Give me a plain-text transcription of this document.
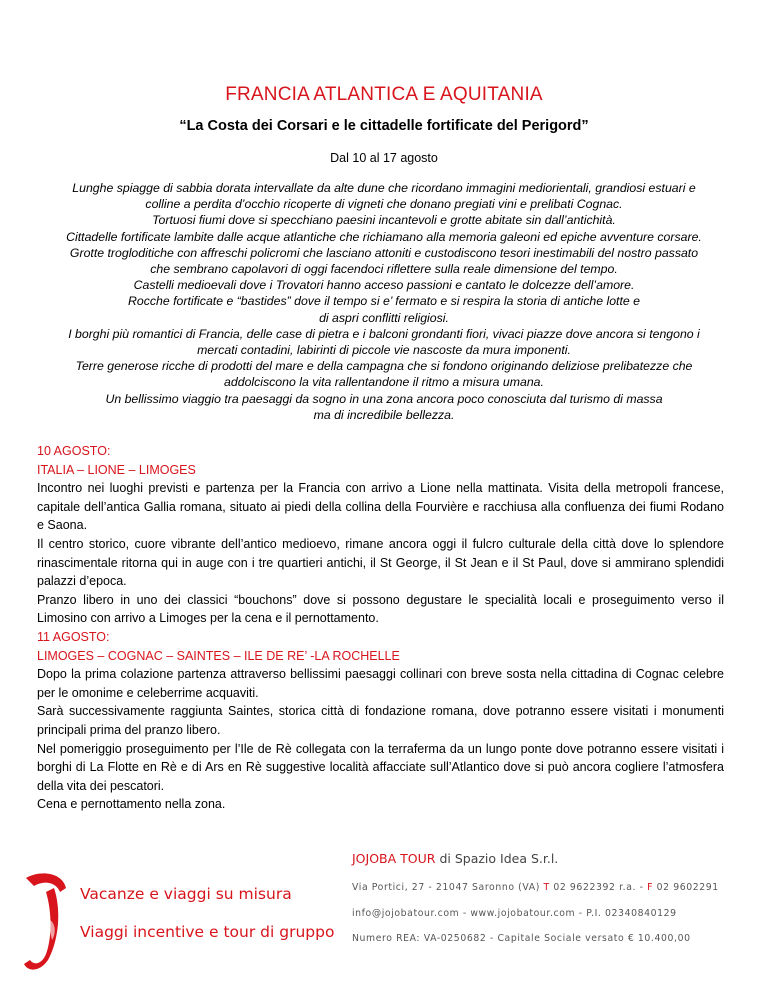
FRANCIA ATLANTICA E AQUITANIA
“La Costa dei Corsari e le cittadelle fortificate del Perigord”
Dal 10 al 17 agosto
Lunghe spiagge di sabbia dorata intervallate da alte dune che ricordano immagini mediorientali, grandiosi estuari e
colline a perdita d’occhio ricoperte di vigneti che donano pregiati vini e prelibati Cognac.
Tortuosi fiumi dove si specchiano paesini incantevoli e grotte abitate sin dall’antichità.
Cittadelle fortificate lambite dalle acque atlantiche che richiamano alla memoria galeoni ed epiche avventure corsare.
Grotte trogloditiche con affreschi policromi che lasciano attoniti e custodiscono tesori inestimabili del nostro passato
che sembrano capolavori di oggi facendoci riflettere sulla reale dimensione del tempo.
Castelli medioevali dove i Trovatori hanno acceso passioni e cantato le dolcezze dell’amore.
Rocche fortificate e “bastides” dove il tempo si e’ fermato e si respira la storia di antiche lotte e
di aspri conflitti religiosi.
I borghi più romantici di Francia, delle case di pietra e i balconi grondanti fiori, vivaci piazze dove ancora si tengono i
mercati contadini, labirinti di piccole vie nascoste da mura imponenti.
Terre generose ricche di prodotti del mare e della campagna che si fondono originando deliziose prelibatezze che
addolciscono la vita rallentandone il ritmo a misura umana.
Un bellissimo viaggio tra paesaggi da sogno in una zona ancora poco conosciuta dal turismo di massa
ma di incredibile bellezza.
10 AGOSTO:
ITALIA – LIONE – LIMOGES

Incontro nei luoghi previsti e partenza per la Francia con arrivo a Lione nella mattinata. Visita della metropoli francese, capitale dell’antica Gallia romana, situato ai piedi della collina della Fourvière e racchiusa alla confluenza dei fiumi Rodano e Saona.

Il centro storico, cuore vibrante dell’antico medioevo, rimane ancora oggi il fulcro culturale della città dove lo splendore rinascimentale ritorna qui in auge con i tre quartieri antichi, il St George, il St Jean e il St Paul, dove si ammirano splendidi palazzi d’epoca.

Pranzo libero in uno dei classici “bouchons” dove si possono degustare le specialità locali e proseguimento verso il Limosino con arrivo a Limoges per la cena e il pernottamento.

11 AGOSTO:
LIMOGES – COGNAC – SAINTES – ILE DE RE’ -LA ROCHELLE

Dopo la prima colazione partenza attraverso bellissimi paesaggi collinari con breve sosta nella cittadina di Cognac celebre per le omonime e celeberrime acquaviti.

Sarà successivamente raggiunta Saintes, storica città di fondazione romana, dove potranno essere visitati i monumenti principali prima del pranzo libero.

Nel pomeriggio proseguimento per l’Ile de Rè collegata con la terraferma da un lungo ponte dove potranno essere visitati i borghi di La Flotte en Rè e di Ars en Rè suggestive località affacciate sull’Atlantico dove si può ancora cogliere l’atmosfera della vita dei pescatori.

Cena e pernottamento nella zona.

Vacanze e viaggi su misura
Viaggi incentive e tour di gruppo
JOJOBA TOUR di Spazio Idea S.r.l.
Via Portici, 27 - 21047 Saronno (VA) T 02 9622392 r.a. - F 02 9602291
info@jojobatour.com - www.jojobatour.com - P.I. 02340840129
Numero REA: VA-0250682 - Capitale Sociale versato € 10.400,00
